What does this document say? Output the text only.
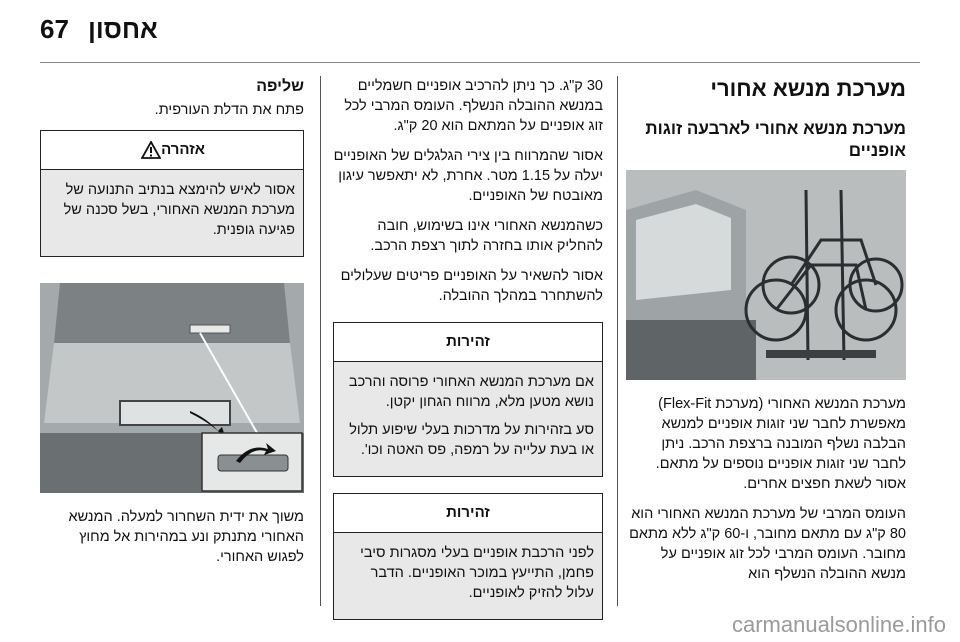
67 אחסון
מערכת מנשא אחורי
מערכת מנשא אחורי לארבעה זוגות אופניים

מערכת המנשא האחורי (מערכת Flex-Fit) מאפשרת לחבר שני זוגות אופניים למנשא הבלבה נשלף המובנה ברצפת הרכב. ניתן לחבר שני זוגות אופניים נוספים על מתאם. אסור לשאת חפצים אחרים.

העומס המרבי של מערכת המנשא האחורי הוא 80 ק"ג עם מתאם מחובר, ו-60 ק"ג ללא מתאם מחובר. העומס המרבי לכל זוג אופניים על מנשא ההובלה הנשלף הוא

30 ק"ג. כך ניתן להרכיב אופניים חשמליים במנשא ההובלה הנשלף. העומס המרבי לכל זוג אופניים על המתאם הוא 20 ק"ג.

אסור שהמרווח בין צירי הגלגלים של האופניים יעלה על 1.15 מטר. אחרת, לא יתאפשר עיגון מאובטח של האופניים.

כשהמנשא האחורי אינו בשימוש, חובה להחליק אותו בחזרה לתוך רצפת הרכב.

אסור להשאיר על האופניים פריטים שעלולים להשתחרר במהלך ההובלה.

זהירות

אם מערכת המנשא האחורי פרוסה והרכב נושא מטען מלא, מרווח הגחון יקטן.

סע בזהירות על מדרכות בעלי שיפוע תלול או בעת עלייה על רמפה, פס האטה וכו'.

זהירות

לפני הרכבת אופניים בעלי מסגרות סיבי פחמן, התייעץ במוכר האופניים. הדבר עלול להזיק לאופניים.

שליפה

פתח את הדלת העורפית.

אזהרה

אסור לאיש להימצא בנתיב התנועה של מערכת המנשא האחורי, בשל סכנה של פגיעה גופנית.

משוך את ידית השחרור למעלה. המנשא האחורי מתנתק ונע במהירות אל מחוץ לפגוש האחורי.

carmanualsonline.info
